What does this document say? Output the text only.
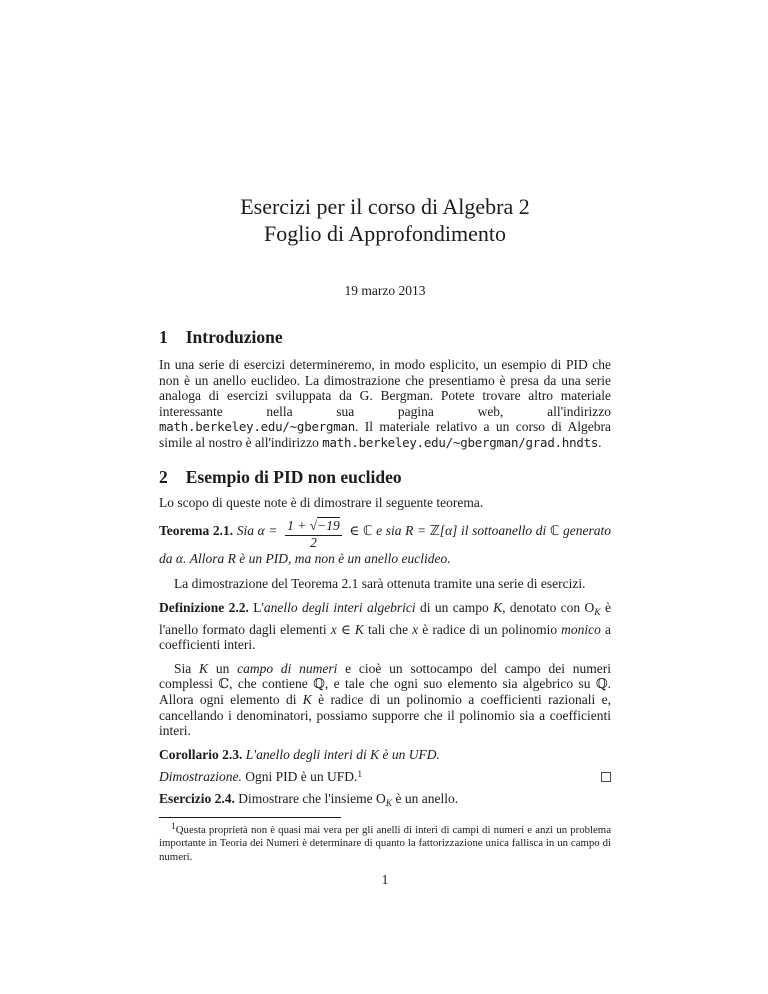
Esercizi per il corso di Algebra 2
Foglio di Approfondimento
19 marzo 2013
1 Introduzione

In una serie di esercizi determineremo, in modo esplicito, un esempio di PID che non è un anello euclideo. La dimostrazione che presentiamo è presa da una serie analoga di esercizi sviluppata da G. Bergman. Potete trovare altro materiale interessante nella sua pagina web, all'indirizzo math.berkeley.edu/~gbergman. Il materiale relativo a un corso di Algebra simile al nostro è all'indirizzo math.berkeley.edu/~gbergman/grad.hndts.

2 Esempio di PID non euclideo

Lo scopo di queste note è di dimostrare il seguente teorema.

Teorema 2.1. Sia $\alpha = \frac{1 + √-19}{2}$ ∈ ℂ e sia R = ℤ[α] il sottoanello di ℂ generato da α. Allora R è un PID, ma non è un anello euclideo.

La dimostrazione del Teorema 2.1 sarà ottenuta tramite una serie di esercizi.

Definizione 2.2. L'anello degli interi algebrici di un campo K, denotato con $O_K$ è l'anello formato dagli elementi x ∈ K tali che x è radice di un polinomio monico a coefficienti interi.

Sia K un campo di numeri e cioè un sottocampo del campo dei numeri complessi ℂ, che contiene ℚ, e tale che ogni suo elemento sia algebrico su ℚ. Allora ogni elemento di K è radice di un polinomio a coefficienti razionali e, cancellando i denominatori, possiamo supporre che il polinomio sia a coefficienti interi.

Corollario 2.3. L'anello degli interi di K è un UFD.

Dimostrazione. Ogni PID è un UFD.$^1$

Esercizio 2.4. Dimostrare che l'insieme $O_K$ è un anello.

1Questa proprietà non è quasi mai vera per gli anelli di interi di campi di numeri e anzi un problema importante in Teoria dei Numeri è determinare di quanto la fattorizzazione unica fallisca in un campo di numeri.

1
